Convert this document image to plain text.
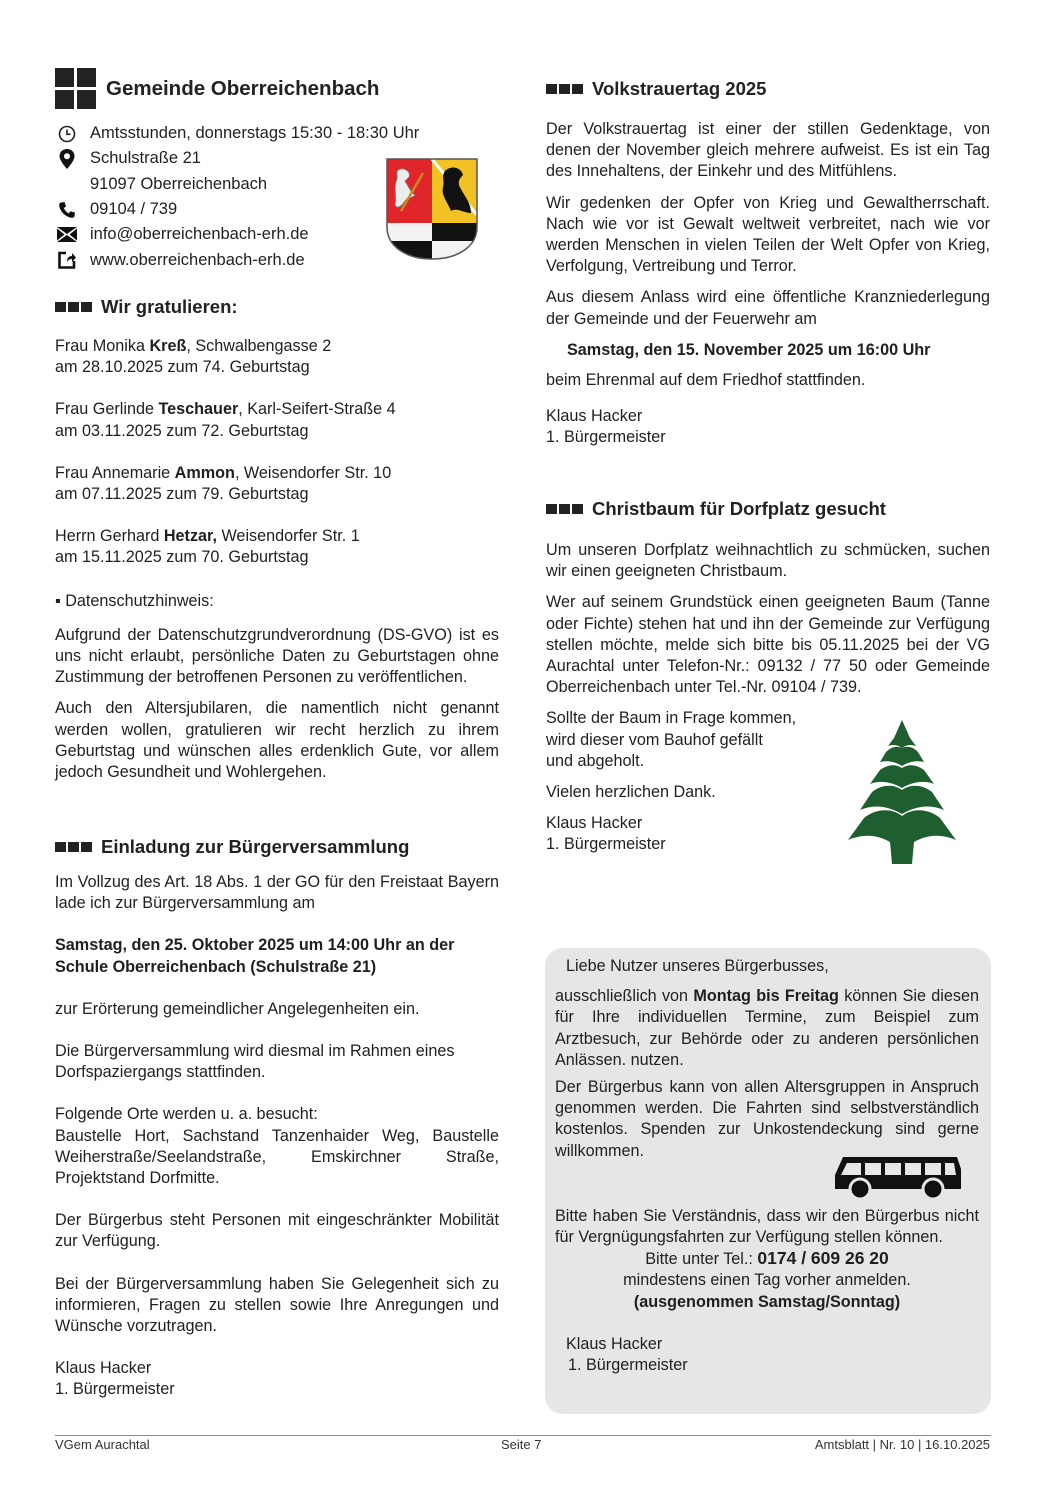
Gemeinde Oberreichenbach
Amtsstunden, donnerstags 15:30 - 18:30 Uhr
Schulstraße 21
91097 Oberreichenbach
09104 / 739
info@oberreichenbach-erh.de
www.oberreichenbach-erh.de
Wir gratulieren:

Frau Monika Kreß, Schwalbengasse 2

am 28.10.2025 zum 74. Geburtstag

Frau Gerlinde Teschauer, Karl-Seifert-Straße 4

am 03.11.2025 zum 72. Geburtstag

Frau Annemarie Ammon, Weisendorfer Str. 10

am 07.11.2025 zum 79. Geburtstag

Herrn Gerhard Hetzar, Weisendorfer Str. 1

am 15.11.2025 zum 70. Geburtstag

▪ Datenschutzhinweis:

Aufgrund der Datenschutzgrundverordnung (DS-GVO) ist es uns nicht erlaubt, persönliche Daten zu Geburtstagen ohne Zustimmung der betroffenen Personen zu veröffentlichen.

Auch den Altersjubilaren, die namentlich nicht genannt werden wollen, gratulieren wir recht herzlich zu ihrem Geburtstag und wünschen alles erdenklich Gute, vor allem jedoch Gesundheit und Wohlergehen.

Einladung zur Bürgerversammlung

Im Vollzug des Art. 18 Abs. 1 der GO für den Freistaat Bayern lade ich zur Bürgerversammlung am

Samstag, den 25. Oktober 2025 um 14:00 Uhr an der Schule Oberreichenbach (Schulstraße 21)

zur Erörterung gemeindlicher Angelegenheiten ein.

Die Bürgerversammlung wird diesmal im Rahmen eines Dorfspaziergangs stattfinden.

Folgende Orte werden u. a. besucht:

Baustelle Hort, Sachstand Tanzenhaider Weg, Baustelle Weiherstraße/Seelandstraße, Emskirchner Straße, Projektstand Dorfmitte.

Der Bürgerbus steht Personen mit eingeschränkter Mobilität zur Verfügung.

Bei der Bürgerversammlung haben Sie Gelegenheit sich zu informieren, Fragen zu stellen sowie Ihre Anregungen und Wünsche vorzutragen.

Klaus Hacker

1. Bürgermeister

Volkstrauertag 2025

Der Volkstrauertag ist einer der stillen Gedenktage, von denen der November gleich mehrere aufweist. Es ist ein Tag des Innehaltens, der Einkehr und des Mitfühlens.

Wir gedenken der Opfer von Krieg und Gewaltherrschaft. Nach wie vor ist Gewalt weltweit verbreitet, nach wie vor werden Menschen in vielen Teilen der Welt Opfer von Krieg, Verfolgung, Vertreibung und Terror.

Aus diesem Anlass wird eine öffentliche Kranzniederlegung der Gemeinde und der Feuerwehr am

Samstag, den 15. November 2025 um 16:00 Uhr

beim Ehrenmal auf dem Friedhof stattfinden.

Klaus Hacker

1. Bürgermeister

Christbaum für Dorfplatz gesucht

Um unseren Dorfplatz weihnachtlich zu schmücken, suchen wir einen geeigneten Christbaum.

Wer auf seinem Grundstück einen geeigneten Baum (Tanne oder Fichte) stehen hat und ihn der Gemeinde zur Verfügung stellen möchte, melde sich bitte bis 05.11.2025 bei der VG Aurachtal unter Telefon-Nr.: 09132 / 77 50 oder Gemeinde Oberreichenbach unter Tel.-Nr. 09104 / 739.

Sollte der Baum in Frage kommen,

wird dieser vom Bauhof gefällt

und abgeholt.

Vielen herzlichen Dank.

Klaus Hacker

1. Bürgermeister

Liebe Nutzer unseres Bürgerbusses,

ausschließlich von Montag bis Freitag können Sie diesen für Ihre individuellen Termine, zum Beispiel zum Arztbesuch, zur Behörde oder zu anderen persönlichen Anlässen. nutzen.

Der Bürgerbus kann von allen Altersgruppen in Anspruch genommen werden. Die Fahrten sind selbstverständlich kostenlos. Spenden zur Unkostendeckung sind gerne willkommen.

Bitte haben Sie Verständnis, dass wir den Bürgerbus nicht für Vergnügungsfahrten zur Verfügung stellen können.

Bitte unter Tel.: 0174 / 609 26 20

mindestens einen Tag vorher anmelden.

(ausgenommen Samstag/Sonntag)

Klaus Hacker

1. Bürgermeister

VGem Aurachtal	Seite 7	Amtsblatt | Nr. 10 | 16.10.2025
